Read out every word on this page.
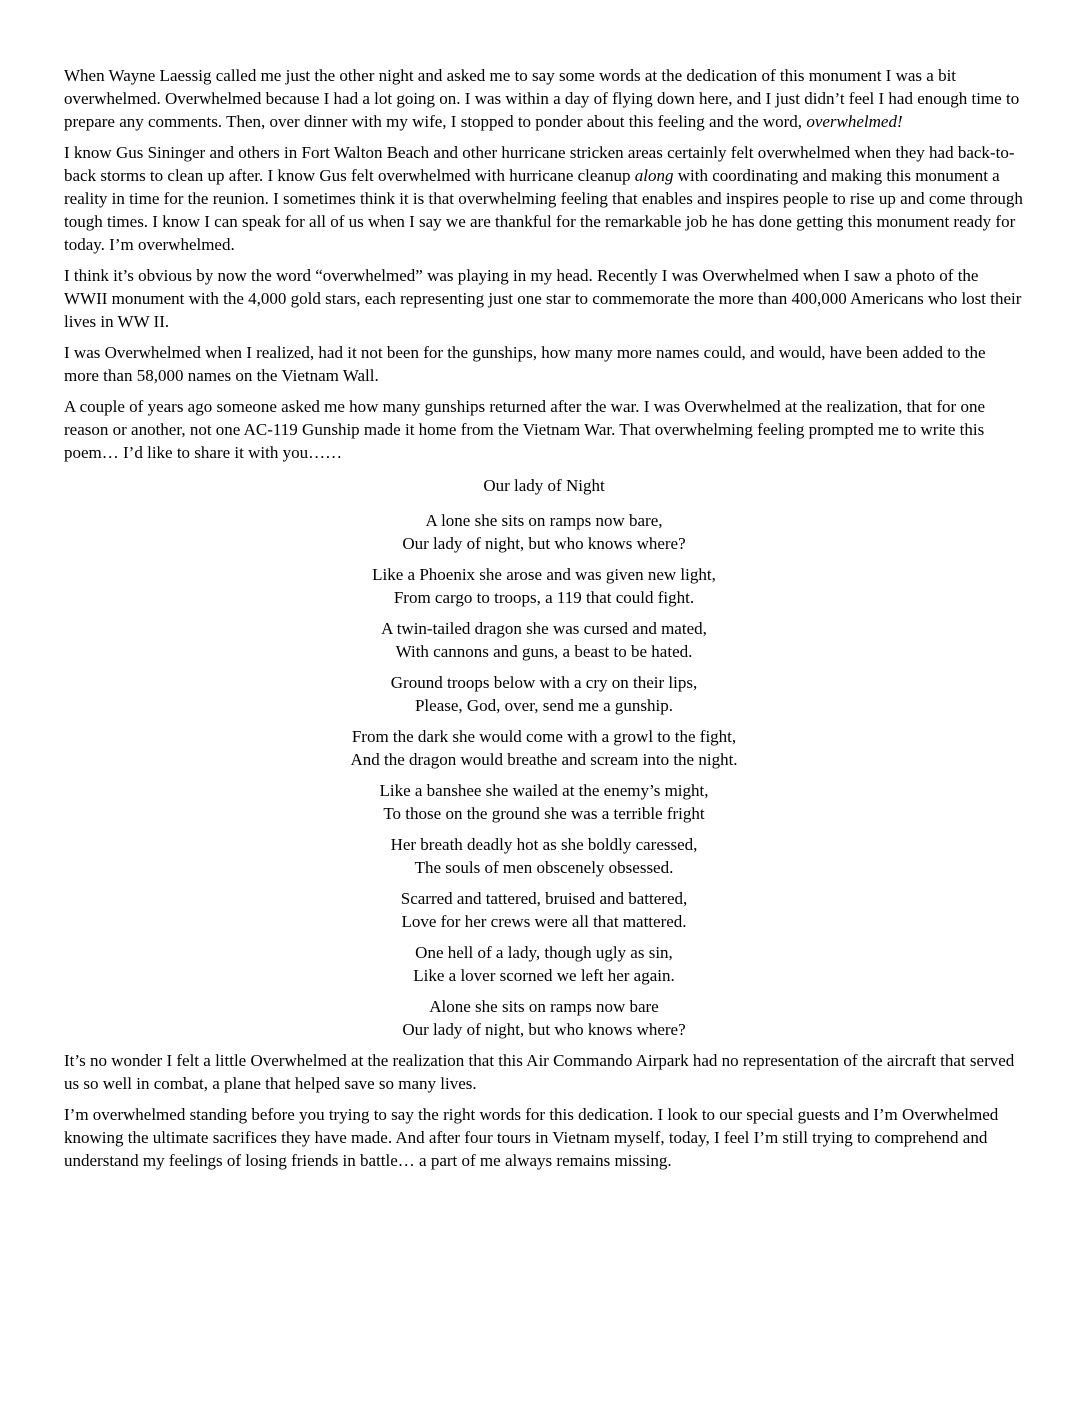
When Wayne Laessig called me just the other night and asked me to say some words at the dedication of this monument I was a bit overwhelmed. Overwhelmed because I had a lot going on. I was within a day of flying down here, and I just didn’t feel I had enough time to prepare any comments. Then, over dinner with my wife, I stopped to ponder about this feeling and the word, overwhelmed!

I know Gus Sininger and others in Fort Walton Beach and other hurricane stricken areas certainly felt overwhelmed when they had back-to-back storms to clean up after. I know Gus felt overwhelmed with hurricane cleanup along with coordinating and making this monument a reality in time for the reunion. I sometimes think it is that overwhelming feeling that enables and inspires people to rise up and come through tough times. I know I can speak for all of us when I say we are thankful for the remarkable job he has done getting this monument ready for today. I’m overwhelmed.

I think it’s obvious by now the word “overwhelmed” was playing in my head. Recently I was Overwhelmed when I saw a photo of the WWII monument with the 4,000 gold stars, each representing just one star to commemorate the more than 400,000 Americans who lost their lives in WW II.

I was Overwhelmed when I realized, had it not been for the gunships, how many more names could, and would, have been added to the more than 58,000 names on the Vietnam Wall.

A couple of years ago someone asked me how many gunships returned after the war. I was Overwhelmed at the realization, that for one reason or another, not one AC-119 Gunship made it home from the Vietnam War. That overwhelming feeling prompted me to write this poem… I’d like to share it with you……

Our lady of Night
A lone she sits on ramps now bare,
Our lady of night, but who knows where?
Like a Phoenix she arose and was given new light,
From cargo to troops, a 119 that could fight.
A twin-tailed dragon she was cursed and mated,
With cannons and guns, a beast to be hated.
Ground troops below with a cry on their lips,
Please, God, over, send me a gunship.
From the dark she would come with a growl to the fight,
And the dragon would breathe and scream into the night.
Like a banshee she wailed at the enemy’s might,
To those on the ground she was a terrible fright
Her breath deadly hot as she boldly caressed,
The souls of men obscenely obsessed.
Scarred and tattered, bruised and battered,
Love for her crews were all that mattered.
One hell of a lady, though ugly as sin,
Like a lover scorned we left her again.
Alone she sits on ramps now bare
Our lady of night, but who knows where?

It’s no wonder I felt a little Overwhelmed at the realization that this Air Commando Airpark had no representation of the aircraft that served us so well in combat, a plane that helped save so many lives.

I’m overwhelmed standing before you trying to say the right words for this dedication. I look to our special guests and I’m Overwhelmed knowing the ultimate sacrifices they have made. And after four tours in Vietnam myself, today, I feel I’m still trying to comprehend and understand my feelings of losing friends in battle… a part of me always remains missing.
